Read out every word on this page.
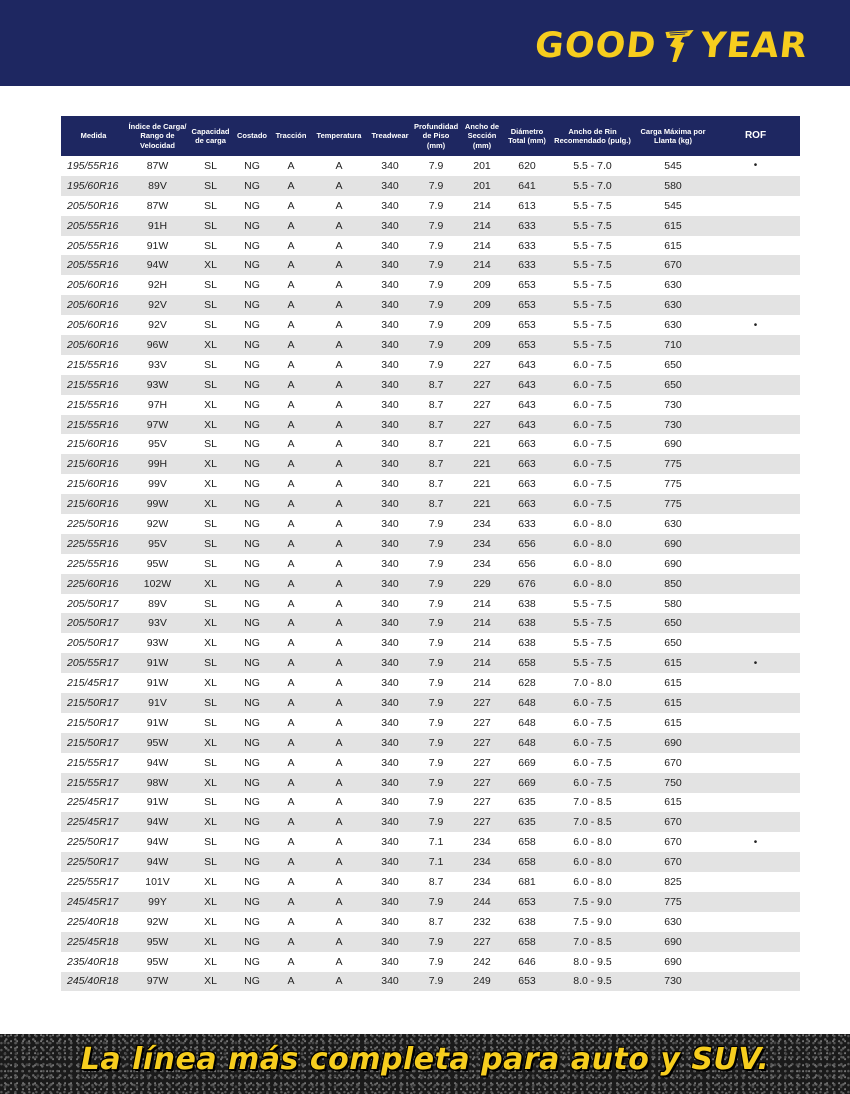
GOOD YEAR
Medida	Índice de Carga/ Rango de Velocidad	Capacidad de carga	Costado	Tracción	Temperatura	Treadwear	Profundidad de Piso (mm)	Ancho de Sección (mm)	Diámetro Total (mm)	Ancho de Rin Recomendado (pulg.)	Carga Máxima por Llanta (kg)	ROF
195/55R16	87W	SL	NG	A	A	340	7.9	201	620	5.5 - 7.0	545	•
195/60R16	89V	SL	NG	A	A	340	7.9	201	641	5.5 - 7.0	580	
205/50R16	87W	SL	NG	A	A	340	7.9	214	613	5.5 - 7.5	545	
205/55R16	91H	SL	NG	A	A	340	7.9	214	633	5.5 - 7.5	615	
205/55R16	91W	SL	NG	A	A	340	7.9	214	633	5.5 - 7.5	615	
205/55R16	94W	XL	NG	A	A	340	7.9	214	633	5.5 - 7.5	670	
205/60R16	92H	SL	NG	A	A	340	7.9	209	653	5.5 - 7.5	630	
205/60R16	92V	SL	NG	A	A	340	7.9	209	653	5.5 - 7.5	630	
205/60R16	92V	SL	NG	A	A	340	7.9	209	653	5.5 - 7.5	630	•
205/60R16	96W	XL	NG	A	A	340	7.9	209	653	5.5 - 7.5	710	
215/55R16	93V	SL	NG	A	A	340	7.9	227	643	6.0 - 7.5	650	
215/55R16	93W	SL	NG	A	A	340	8.7	227	643	6.0 - 7.5	650	
215/55R16	97H	XL	NG	A	A	340	8.7	227	643	6.0 - 7.5	730	
215/55R16	97W	XL	NG	A	A	340	8.7	227	643	6.0 - 7.5	730	
215/60R16	95V	SL	NG	A	A	340	8.7	221	663	6.0 - 7.5	690	
215/60R16	99H	XL	NG	A	A	340	8.7	221	663	6.0 - 7.5	775	
215/60R16	99V	XL	NG	A	A	340	8.7	221	663	6.0 - 7.5	775	
215/60R16	99W	XL	NG	A	A	340	8.7	221	663	6.0 - 7.5	775	
225/50R16	92W	SL	NG	A	A	340	7.9	234	633	6.0 - 8.0	630	
225/55R16	95V	SL	NG	A	A	340	7.9	234	656	6.0 - 8.0	690	
225/55R16	95W	SL	NG	A	A	340	7.9	234	656	6.0 - 8.0	690	
225/60R16	102W	XL	NG	A	A	340	7.9	229	676	6.0 - 8.0	850	
205/50R17	89V	SL	NG	A	A	340	7.9	214	638	5.5 - 7.5	580	
205/50R17	93V	XL	NG	A	A	340	7.9	214	638	5.5 - 7.5	650	
205/50R17	93W	XL	NG	A	A	340	7.9	214	638	5.5 - 7.5	650	
205/55R17	91W	SL	NG	A	A	340	7.9	214	658	5.5 - 7.5	615	•
215/45R17	91W	XL	NG	A	A	340	7.9	214	628	7.0 - 8.0	615	
215/50R17	91V	SL	NG	A	A	340	7.9	227	648	6.0 - 7.5	615	
215/50R17	91W	SL	NG	A	A	340	7.9	227	648	6.0 - 7.5	615	
215/50R17	95W	XL	NG	A	A	340	7.9	227	648	6.0 - 7.5	690	
215/55R17	94W	SL	NG	A	A	340	7.9	227	669	6.0 - 7.5	670	
215/55R17	98W	XL	NG	A	A	340	7.9	227	669	6.0 - 7.5	750	
225/45R17	91W	SL	NG	A	A	340	7.9	227	635	7.0 - 8.5	615	
225/45R17	94W	XL	NG	A	A	340	7.9	227	635	7.0 - 8.5	670	
225/50R17	94W	SL	NG	A	A	340	7.1	234	658	6.0 - 8.0	670	•
225/50R17	94W	SL	NG	A	A	340	7.1	234	658	6.0 - 8.0	670	
225/55R17	101V	XL	NG	A	A	340	8.7	234	681	6.0 - 8.0	825	
245/45R17	99Y	XL	NG	A	A	340	7.9	244	653	7.5 - 9.0	775	
225/40R18	92W	XL	NG	A	A	340	8.7	232	638	7.5 - 9.0	630	
225/45R18	95W	XL	NG	A	A	340	7.9	227	658	7.0 - 8.5	690	
235/40R18	95W	XL	NG	A	A	340	7.9	242	646	8.0 - 9.5	690	
245/40R18	97W	XL	NG	A	A	340	7.9	249	653	8.0 - 9.5	730	
La línea más completa para auto y SUV.
